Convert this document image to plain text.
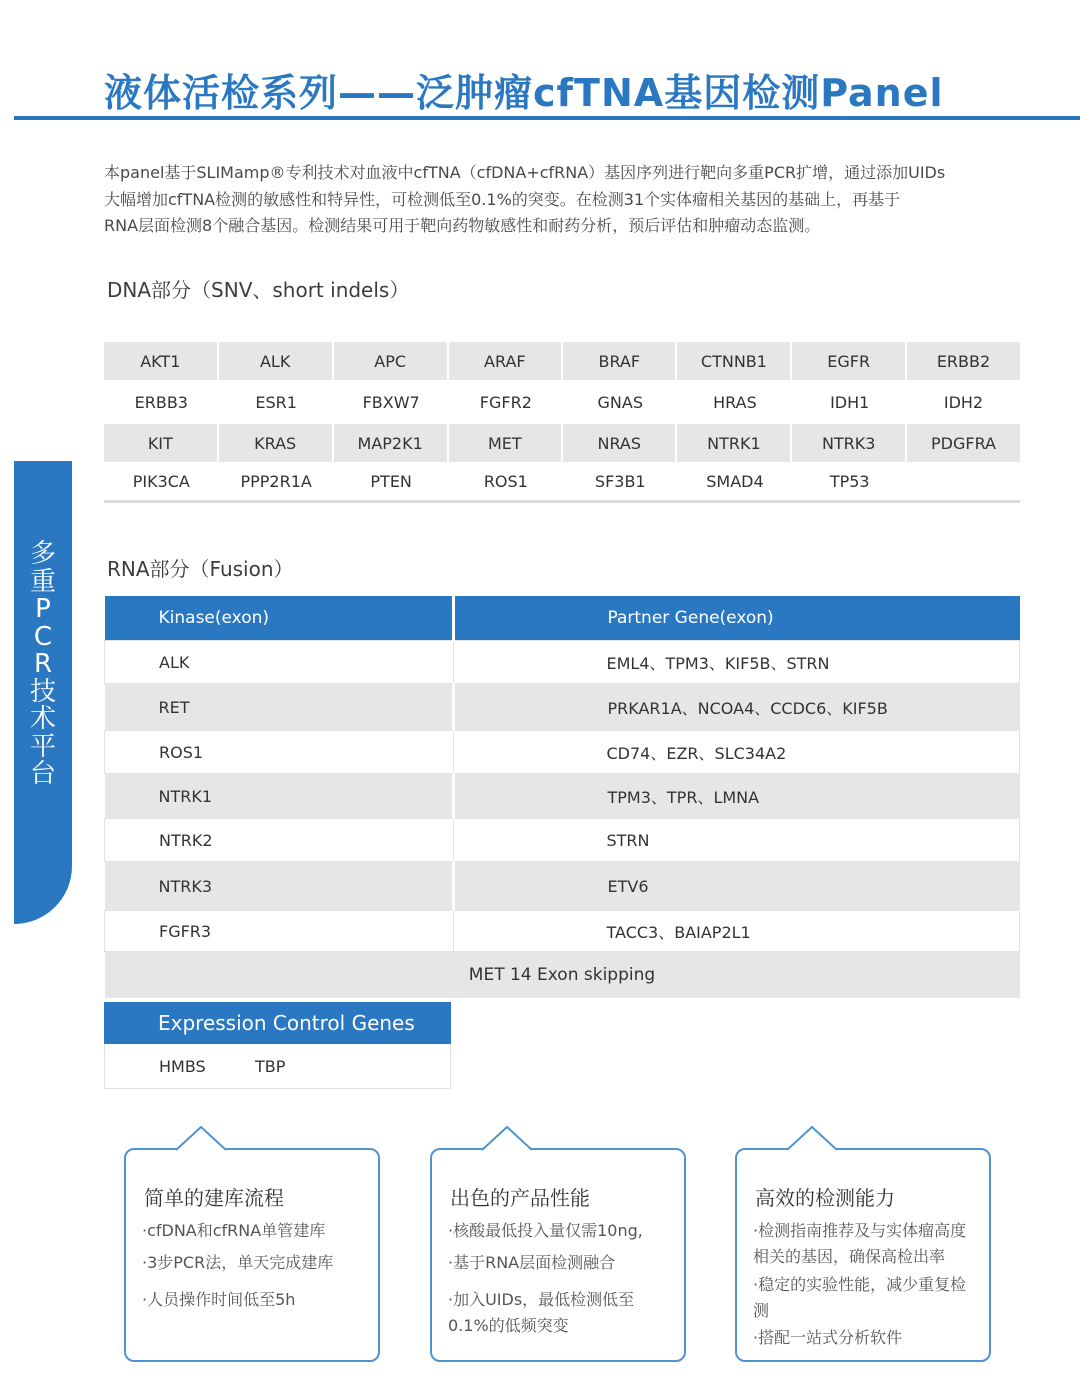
液体活检系列——泛肿瘤cfTNA基因检测Panel
本panel基于SLIMamp®专利技术对血液中cfTNA（cfDNA+cfRNA）基因序列进行靶向多重PCR扩增，通过添加UIDs
大幅增加cfTNA检测的敏感性和特异性，可检测低至0.1%的突变。在检测31个实体瘤相关基因的基础上，再基于
RNA层面检测8个融合基因。检测结果可用于靶向药物敏感性和耐药分析，预后评估和肿瘤动态监测。
DNA部分（SNV、short indels）
AKT1	ALK	APC	ARAF	BRAF	CTNNB1	EGFR	ERBB2
ERBB3	ESR1	FBXW7	FGFR2	GNAS	HRAS	IDH1	IDH2
KIT	KRAS	MAP2K1	MET	NRAS	NTRK1	NTRK3	PDGFRA
PIK3CA	PPP2R1A	PTEN	ROS1	SF3B1	SMAD4	TP53	
RNA部分（Fusion）
Kinase(exon)	Partner Gene(exon)
ALK	EML4、TPM3、KIF5B、STRN
RET	PRKAR1A、NCOA4、CCDC6、KIF5B
ROS1	CD74、EZR、SLC34A2
NTRK1	TPM3、TPR、LMNA
NTRK2	STRN
NTRK3	ETV6
FGFR3	TACC3、BAIAP2L1
MET 14 Exon skipping	
多
重
P
C
R
技
术
平
台
Expression Control Genes
HMBS	TBP
简单的建库流程
·cfDNA和cfRNA单管建库
·3步PCR法，单天完成建库
·人员操作时间低至5h
出色的产品性能
·核酸最低投入量仅需10ng,
·基于RNA层面检测融合
·加入UIDs，最低检测低至0.1%的低频突变
高效的检测能力
·检测指南推荐及与实体瘤高度相关的基因，确保高检出率
·稳定的实验性能，减少重复检测
·搭配一站式分析软件
